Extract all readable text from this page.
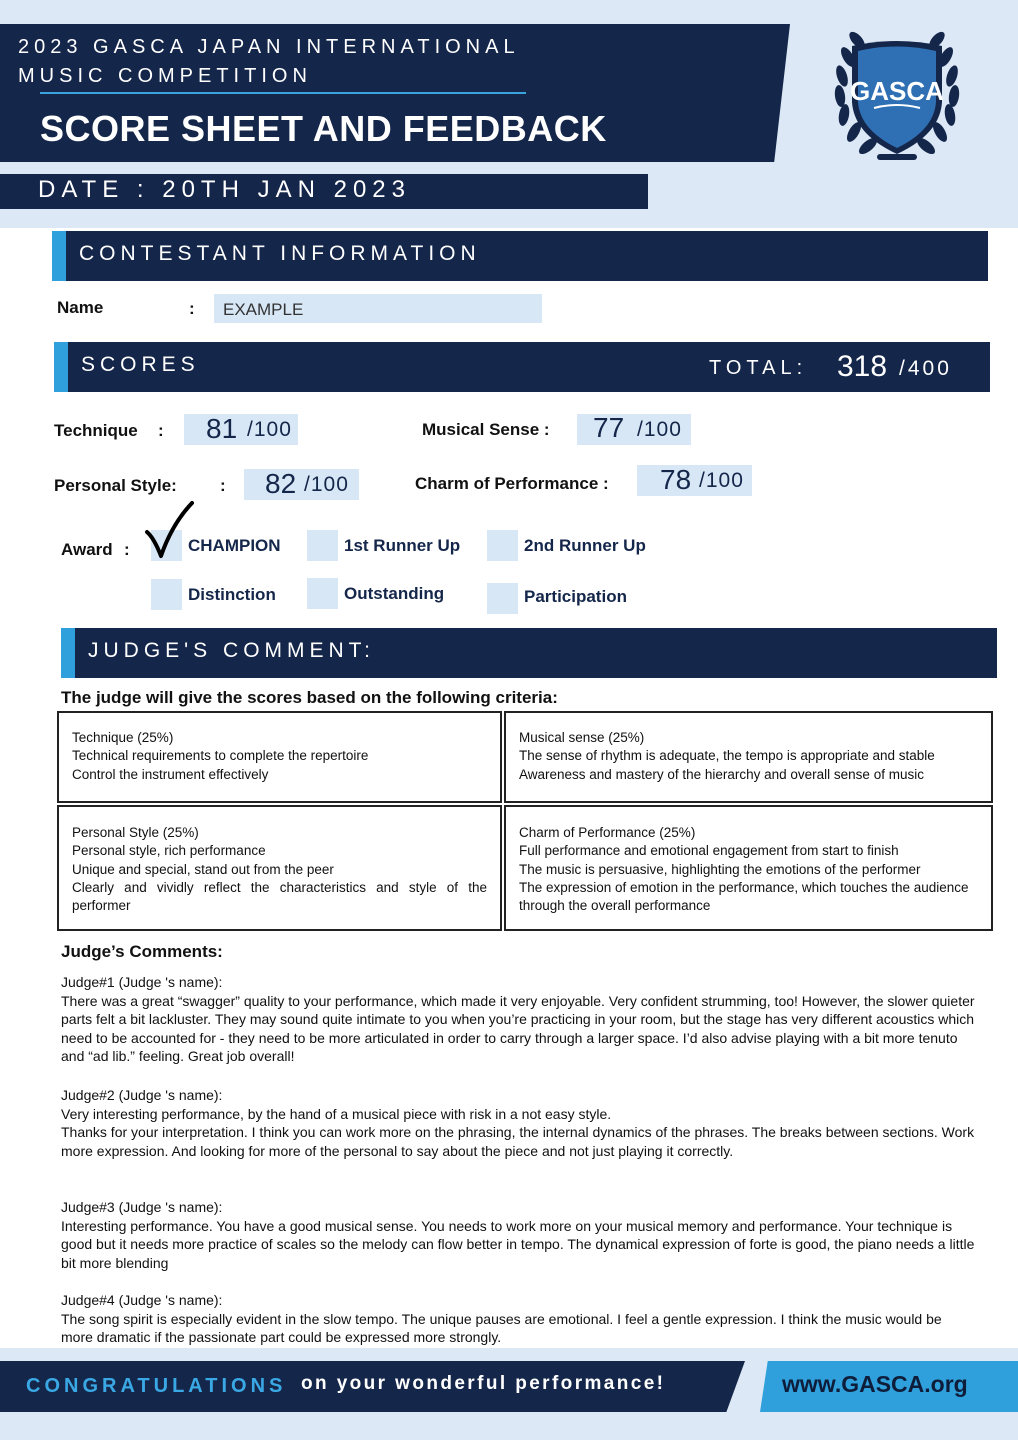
2023 GASCA JAPAN INTERNATIONAL
MUSIC COMPETITION
SCORE SHEET AND FEEDBACK
DATE : 20TH JAN 2023
GASCA
CONTESTANT INFORMATION
Name	: EXAMPLE
SCORES	TOTAL: 318 /400
Technique : 81 /100	Musical Sense : 77 /100
Personal Style:	: 82 /100	Charm of Performance : 78 /100
Award :	CHAMPION	1st Runner Up	2nd Runner Up
Distinction	Outstanding	Participation
JUDGE'S COMMENT:
The judge will give the scores based on the following criteria:

Technique (25%)

Technical requirements to complete the repertoire

Control the instrument effectively

Musical sense (25%)

The sense of rhythm is adequate, the tempo is appropriate and stable

Awareness and mastery of the hierarchy and overall sense of music

Personal Style (25%)

Personal style, rich performance

Unique and special, stand out from the peer

Clearly and vividly reflect the characteristics and style of the performer

Charm of Performance (25%)

Full performance and emotional engagement from start to finish

The music is persuasive, highlighting the emotions of the performer

The expression of emotion in the performance, which touches the audience through the overall performance

Judge’s Comments:
Judge#1 (Judge 's name):
There was a great “swagger” quality to your performance, which made it very enjoyable. Very confident strumming, too! However, the slower quieter parts felt a bit lackluster. They may sound quite intimate to you when you’re practicing in your room, but the stage has very different acoustics which need to be accounted for - they need to be more articulated in order to carry through a larger space. I’d also advise playing with a bit more tenuto and “ad lib.” feeling. Great job overall!
Judge#2 (Judge 's name):
Very interesting performance, by the hand of a musical piece with risk in a not easy style.
Thanks for your interpretation. I think you can work more on the phrasing, the internal dynamics of the phrases. The breaks between sections. Work more expression. And looking for more of the personal to say about the piece and not just playing it correctly.
Judge#3 (Judge 's name):
Interesting performance. You have a good musical sense. You needs to work more on your musical memory and performance. Your technique is good but it needs more practice of scales so the melody can flow better in tempo. The dynamical expression of forte is good, the piano needs a little bit more blending
Judge#4 (Judge 's name):
The song spirit is especially evident in the slow tempo. The unique pauses are emotional. I feel a gentle expression. I think the music would be more dramatic if the passionate part could be expressed more strongly.
CONGRATULATIONS on your wonderful performance!	www.GASCA.org
